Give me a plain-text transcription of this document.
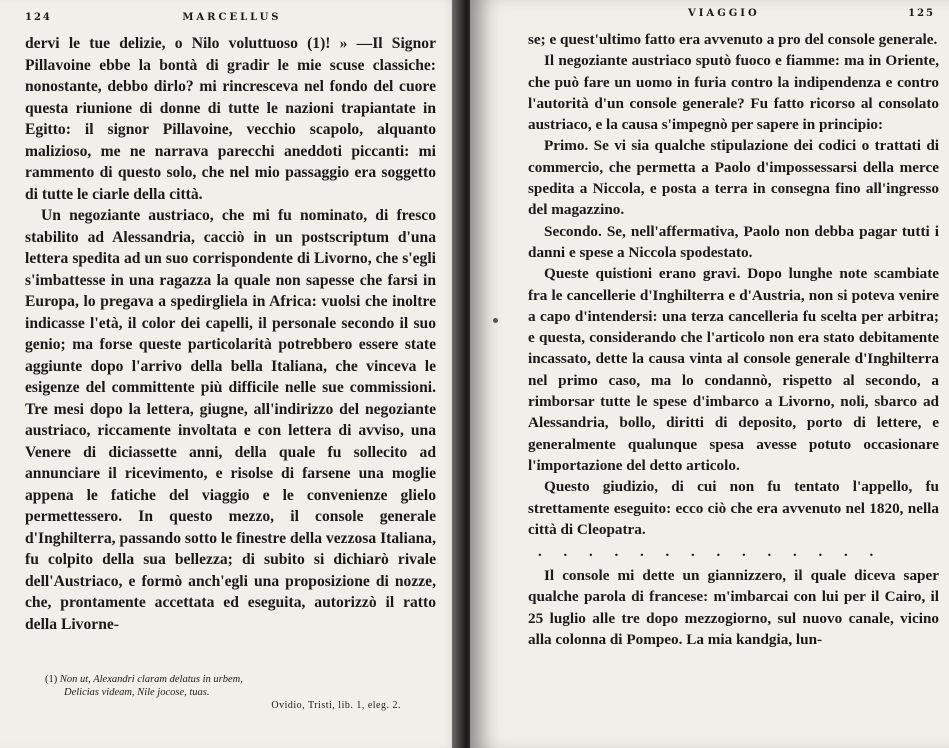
124	MARCELLUS

dervi le tue delizie, o Nilo voluttuoso (1)! » —Il Signor Pillavoine ebbe la bontà di gradir le mie scuse classiche: nonostante, debbo dirlo? mi rincresceva nel fondo del cuore questa riunione di donne di tutte le nazioni trapiantate in Egitto: il signor Pillavoine, vecchio scapolo, alquanto malizioso, me ne narrava parecchi aneddoti piccanti: mi rammento di questo solo, che nel mio passaggio era soggetto di tutte le ciarle della città.

Un negoziante austriaco, che mi fu nominato, di fresco stabilito ad Alessandria, cacciò in un postscriptum d'una lettera spedita ad un suo corrispondente di Livorno, che s'egli s'imbattesse in una ragazza la quale non sapesse che farsi in Europa, lo pregava a spedirgliela in Africa: vuolsi che inoltre indicasse l'età, il color dei capelli, il personale secondo il suo genio; ma forse queste particolarità potrebbero essere state aggiunte dopo l'arrivo della bella Italiana, che vinceva le esigenze del committente più difficile nelle sue commissioni. Tre mesi dopo la lettera, giugne, all'indirizzo del negoziante austriaco, riccamente involtata e con lettera di avviso, una Venere di diciassette anni, della quale fu sollecito ad annunciare il ricevimento, e risolse di farsene una moglie appena le fatiche del viaggio e le convenienze glielo permettessero. In questo mezzo, il console generale d'Inghilterra, passando sotto le finestre della vezzosa Italiana, fu colpito della sua bellezza; di subito si dichiarò rivale dell'Austriaco, e formò anch'egli una proposizione di nozze, che, prontamente accettata ed eseguita, autorizzò il ratto della Livorne-

(1) Non ut, Alexandri claram delatus in urbem,
Delicias videam, Nile jocose, tuas.
Ovidio, Tristi, lib. 1, eleg. 2.
VIAGGIO	125

se; e quest'ultimo fatto era avvenuto a pro del console generale.

Il negoziante austriaco sputò fuoco e fiamme: ma in Oriente, che può fare un uomo in furia contro la indipendenza e contro l'autorità d'un console generale? Fu fatto ricorso al consolato austriaco, e la causa s'impegnò per sapere in principio:

Primo. Se vi sia qualche stipulazione dei codici o trattati di commercio, che permetta a Paolo d'impossessarsi della merce spedita a Niccola, e posta a terra in consegna fino all'ingresso del magazzino.

Secondo. Se, nell'affermativa, Paolo non debba pagar tutti i danni e spese a Niccola spodestato.

Queste quistioni erano gravi. Dopo lunghe note scambiate fra le cancellerie d'Inghilterra e d'Austria, non si poteva venire a capo d'intendersi: una terza cancelleria fu scelta per arbitra; e questa, considerando che l'articolo non era stato debitamente incassato, dette la causa vinta al console generale d'Inghilterra nel primo caso, ma lo condannò, rispetto al secondo, a rimborsar tutte le spese d'imbarco a Livorno, noli, sbarco ad Alessandria, bollo, diritti di deposito, porto di lettere, e generalmente qualunque spesa avesse potuto occasionare l'importazione del detto articolo.

Questo giudizio, di cui non fu tentato l'appello, fu strettamente eseguito: ecco ciò che era avvenuto nel 1820, nella città di Cleopatra.

. . . . . . . . . . . . . .

Il console mi dette un giannizzero, il quale diceva saper qualche parola di francese: m'imbarcai con lui per il Cairo, il 25 luglio alle tre dopo mezzogiorno, sul nuovo canale, vicino alla colonna di Pompeo. La mia kandgia, lun-
